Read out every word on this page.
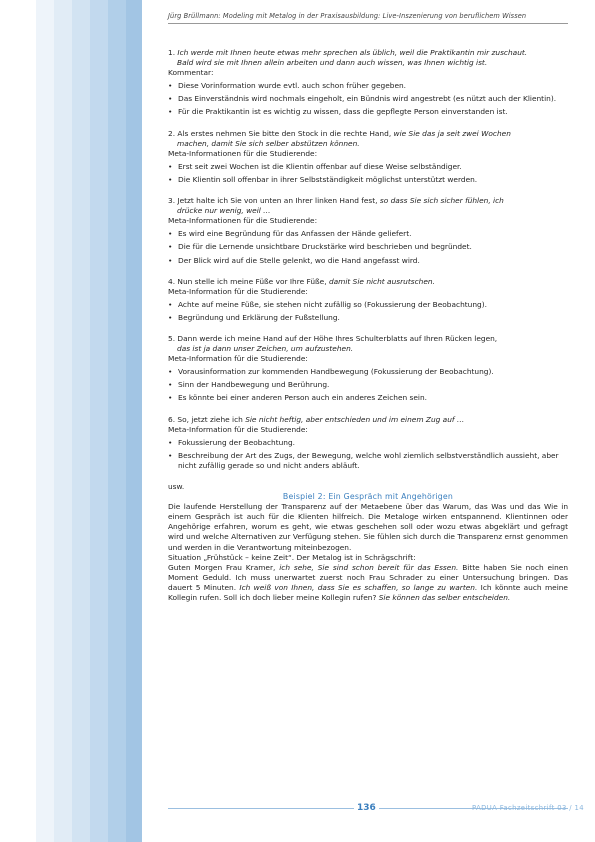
Jürg Brüllmann: Modeling mit Metalog in der Praxisausbildung: Live-Inszenierung von beruflichem Wissen

1. Ich werde mit Ihnen heute etwas mehr sprechen als üblich, weil die Praktikantin mir zuschaut.
Bald wird sie mit Ihnen allein arbeiten und dann auch wissen, was Ihnen wichtig ist.

Kommentar:

• Diese Vorinformation wurde evtl. auch schon früher gegeben.
• Das Einverständnis wird nochmals eingeholt, ein Bündnis wird angestrebt (es nützt auch der Klientin).
• Für die Praktikantin ist es wichtig zu wissen, dass die gepflegte Person einverstanden ist.

2. Als erstes nehmen Sie bitte den Stock in die rechte Hand, wie Sie das ja seit zwei Wochen
machen, damit Sie sich selber abstützen können.

Meta-Informationen für die Studierende:

• Erst seit zwei Wochen ist die Klientin offenbar auf diese Weise selbständiger.
• Die Klientin soll offenbar in ihrer Selbstständigkeit möglichst unterstützt werden.

3. Jetzt halte ich Sie von unten an Ihrer linken Hand fest, so dass Sie sich sicher fühlen, ich
drücke nur wenig, weil …

Meta-Informationen für die Studierende:

• Es wird eine Begründung für das Anfassen der Hände geliefert.
• Die für die Lernende unsichtbare Druckstärke wird beschrieben und begründet.
• Der Blick wird auf die Stelle gelenkt, wo die Hand angefasst wird.

4. Nun stelle ich meine Füße vor Ihre Füße, damit Sie nicht ausrutschen.

Meta-Information für die Studierende:

• Achte auf meine Füße, sie stehen nicht zufällig so (Fokussierung der Beobachtung).
• Begründung und Erklärung der Fußstellung.

5. Dann werde ich meine Hand auf der Höhe Ihres Schulterblatts auf Ihren Rücken legen,
das ist ja dann unser Zeichen, um aufzustehen.

Meta-Information für die Studierende:

• Vorausinformation zur kommenden Handbewegung (Fokussierung der Beobachtung).
• Sinn der Handbewegung und Berührung.
• Es könnte bei einer anderen Person auch ein anderes Zeichen sein.

6. So, jetzt ziehe ich Sie nicht heftig, aber entschieden und im einem Zug auf …

Meta-Information für die Studierende:

• Fokussierung der Beobachtung.
• Beschreibung der Art des Zugs, der Bewegung, welche wohl ziemlich selbstverständlich aussieht, aber nicht zufällig gerade so und nicht anders abläuft.

usw.

Beispiel 2: Ein Gespräch mit Angehörigen

Die laufende Herstellung der Transparenz auf der Metaebene über das Warum, das Was und das Wie in einem Gespräch ist auch für die Klienten hilfreich. Die Metaloge wirken entspannend. Klientinnen oder Angehörige erfahren, worum es geht, wie etwas geschehen soll oder wozu etwas abgeklärt und gefragt wird und welche Alternativen zur Verfügung stehen. Sie fühlen sich durch die Transparenz ernst genommen und werden in die Verantwortung miteinbezogen.

Situation „Frühstück – keine Zeit“. Der Metalog ist in Schrägschrift:

Guten Morgen Frau Kramer, ich sehe, Sie sind schon bereit für das Essen. Bitte haben Sie noch einen Moment Geduld. Ich muss unerwartet zuerst noch Frau Schrader zu einer Untersuchung bringen. Das dauert 5 Minuten. Ich weiß von Ihnen, dass Sie es schaffen, so lange zu warten. Ich könnte auch meine Kollegin rufen. Soll ich doch lieber meine Kollegin rufen? Sie können das selber entscheiden.

136	PADUA Fachzeitschrift 03 / 14
